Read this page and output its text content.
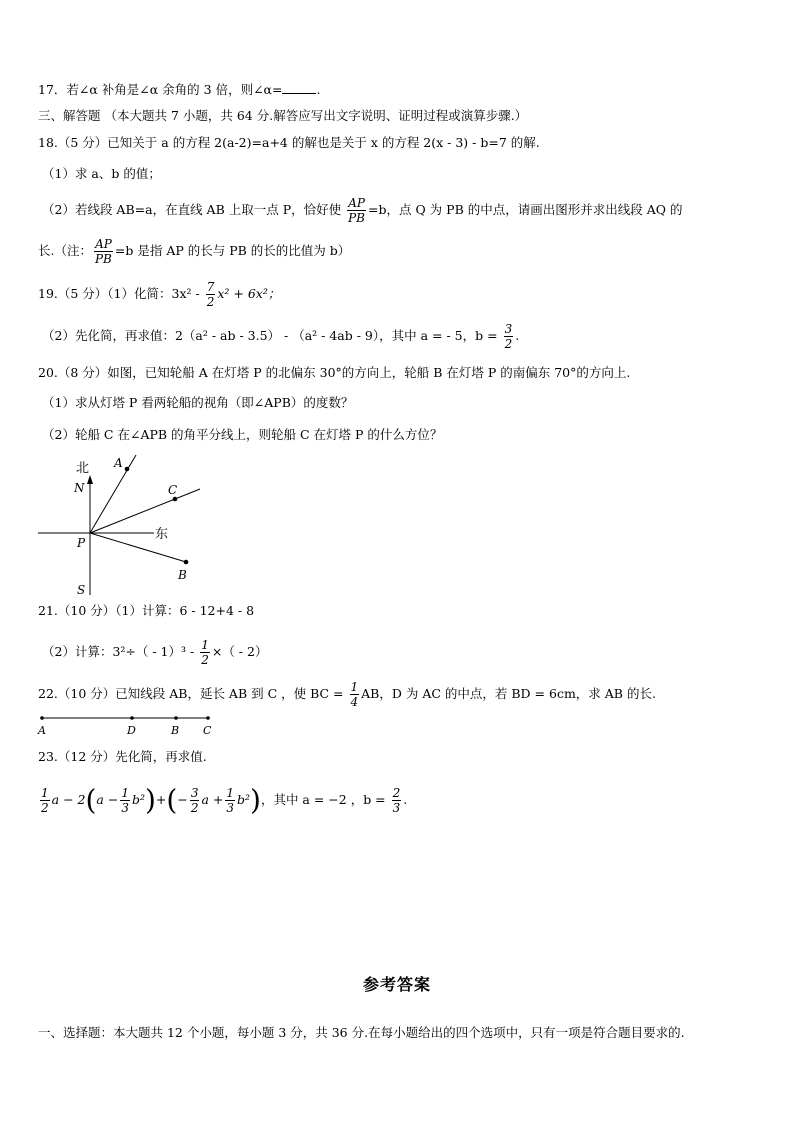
17．若∠α 补角是∠α 余角的 3 倍，则∠α=	.
三、解答题 （本大题共 7 小题，共 64 分.解答应写出文字说明、证明过程或演算步骤.）
18.（5 分）已知关于 a 的方程 2(a-2)=a+4 的解也是关于 x 的方程 2(x - 3) - b=7 的解.
（1）求 a、b 的值；
（2）若线段 AB=a，在直线 AB 上取一点 P，恰好使 $\frac{AP}{PB} =b$，点 Q 为 PB 的中点，请画出图形并求出线段 AQ 的
长.（注： $\frac{AP}{PB} =b$ 是指 AP 的长与 PB 的长的比值为 b）
19.（5 分）（1）化简：$3x^2 - \frac{7}{2} x^2 + 6x^2$；
（2）先化简，再求值：2（a² - ab - 3.5） - （a² - 4ab - 9），其中 a = - 5，$b = \frac{3}{2}$ .
20.（8 分）如图，已知轮船 A 在灯塔 P 的北偏东 30°的方向上，轮船 B 在灯塔 P 的南偏东 70°的方向上.
（1）求从灯塔 P 看两轮船的视角（即∠APB）的度数？
（2）轮船 C 在∠APB 的角平分线上，则轮船 C 在灯塔 P 的什么方位？
北
N
A
C
东
P
B
S
21.（10 分）（1）计算：6 - 12+4 - 8
（2）计算：$3^2\div( - 1)^3 - \frac{1}{2}$ ×（ - 2）
22.（10 分）已知线段 AB，延长 AB 到 C ，使 BC = $\frac{1}{4}$ AB，D 为 AC 的中点，若 BD = 6cm，求 AB 的长.
A	D	B C
23.（12 分）先化简，再求值.
$\frac{1}{2}$ $a - 2(a - \frac{1}{3} b^2)+(- \frac{3}{2}$ $a + \frac{1}{3} b^2$)，其中 a = −2 ，$b = \frac{2}{3}$ .
参考答案
一、选择题：本大题共 12 个小题，每小题 3 分，共 36 分.在每小题给出的四个选项中，只有一项是符合题目要求的.
